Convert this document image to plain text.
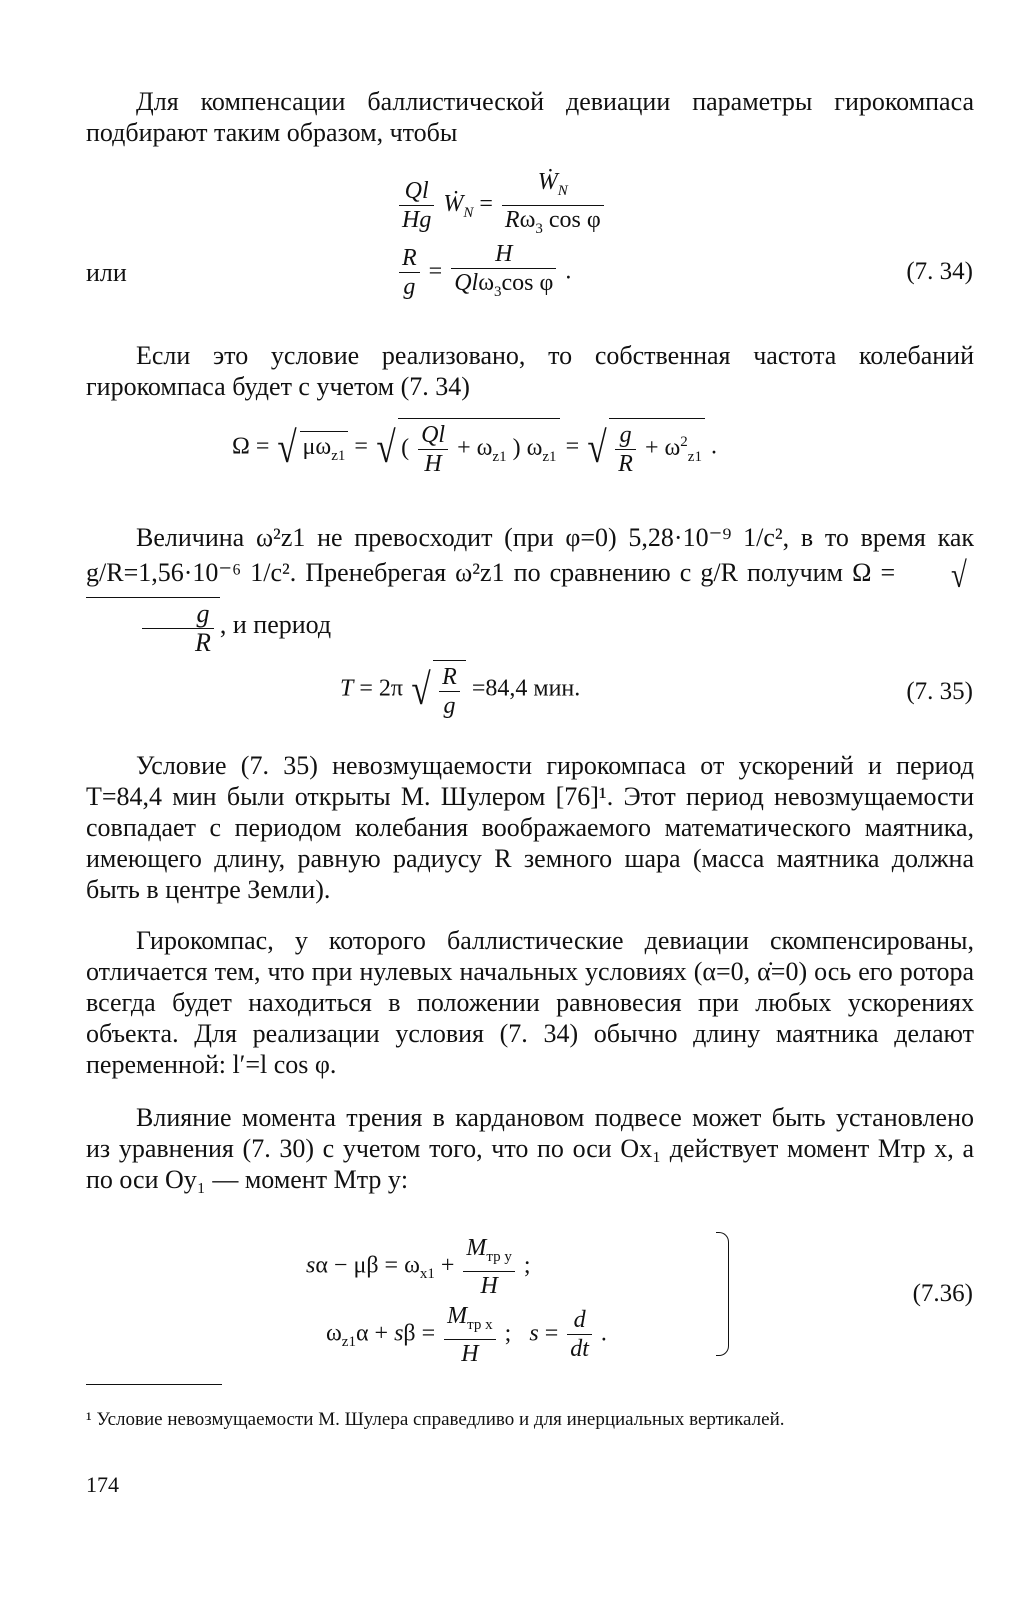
Для компенсации баллистической девиации параметры гирокомпаса подбирают таким образом, чтобы
$\frac{Ql}{Hg}$ Ẇ$_N$ = $\frac{Ẇ_N}{R\omega_3 \cos \varphi}$
или	$\frac{R}{g} = \frac{H}{Ql\omega_3\cos \varphi}$ .	(7. 34)
Если это условие реализовано, то собственная частота колебаний гирокомпаса будет с учетом (7. 34)
Ω = √ $\mu\omega_{z1}$ = √ ( $\frac{Ql}{H} + \omega_{z1}$ ) $\omega_{z1}$ = √ $\frac{g}{R} + \omega^2_{z1}$ .
Величина ω²z1 не превосходит (при φ=0) 5,28·10⁻⁹ 1/с², в то время как g/R=1,56·10⁻⁶ 1/с². Пренебрегая ω²z1 по сравнению с g/R получим Ω = √
$\frac{g}{R}$ , и период
T = 2π √ $\frac{R}{g} =84,4$ мин.	(7. 35)
Условие (7. 35) невозмущаемости гирокомпаса от ускорений и период T=84,4 мин были открыты М. Шулером [76]¹. Этот период невозмущаемости совпадает с периодом колебания воображаемого математического маятника, имеющего длину, равную радиусу R земного шара (масса маятника должна быть в центре Земли).
Гирокомпас, у которого баллистические девиации скомпенсированы, отличается тем, что при нулевых начальных условиях (α=0, α̇=0) ось его ротора всегда будет находиться в положении равновесия при любых ускорениях объекта. Для реализации условия (7. 34) обычно длину маятника делают переменной: l′=l cos φ.
Влияние момента трения в кардановом подвесе может быть установлено из уравнения (7. 30) с учетом того, что по оси Ox₁ действует момент Mтр x, а по оси Oy₁ — момент Mтр y:
$s\alpha - \mu\beta = \omega_{x1} + \frac{M_{тр y}}{H}$ ;
$\omega_{z1}\alpha + s\beta = \frac{M_{тр x}}{H}$ ;   $s = \frac{d}{dt}$ .
(7.36)
¹ Условие невозмущаемости М. Шулера справедливо и для инерциальных вертикалей.
174
